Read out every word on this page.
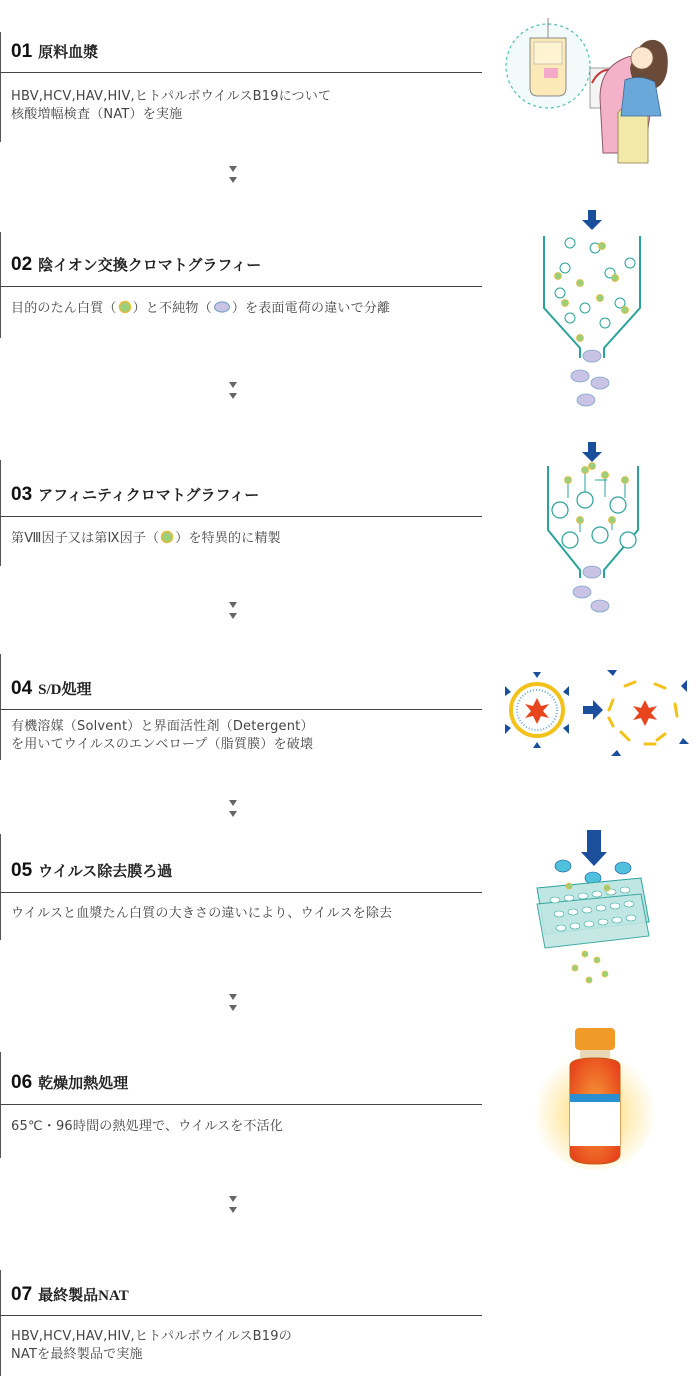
01 原料血漿
HBV,HCV,HAV,HIV,ヒトパルボウイルスB19について
核酸増幅検査（NAT）を実施
02 陰イオン交換クロマトグラフィー
目的のたん白質（ ）と不純物（ ）を表面電荷の違いで分離
03 アフィニティクロマトグラフィー
第Ⅷ因子又は第Ⅸ因子（ ）を特異的に精製
04 S/D処理
有機溶媒（Solvent）と界面活性剤（Detergent）
を用いてウイルスのエンベロープ（脂質膜）を破壊
05 ウイルス除去膜ろ過
ウイルスと血漿たん白質の大きさの違いにより、ウイルスを除去
06 乾燥加熱処理
65℃・96時間の熱処理で、ウイルスを不活化
07 最終製品NAT
HBV,HCV,HAV,HIV,ヒトパルボウイルスB19の
NATを最終製品で実施
